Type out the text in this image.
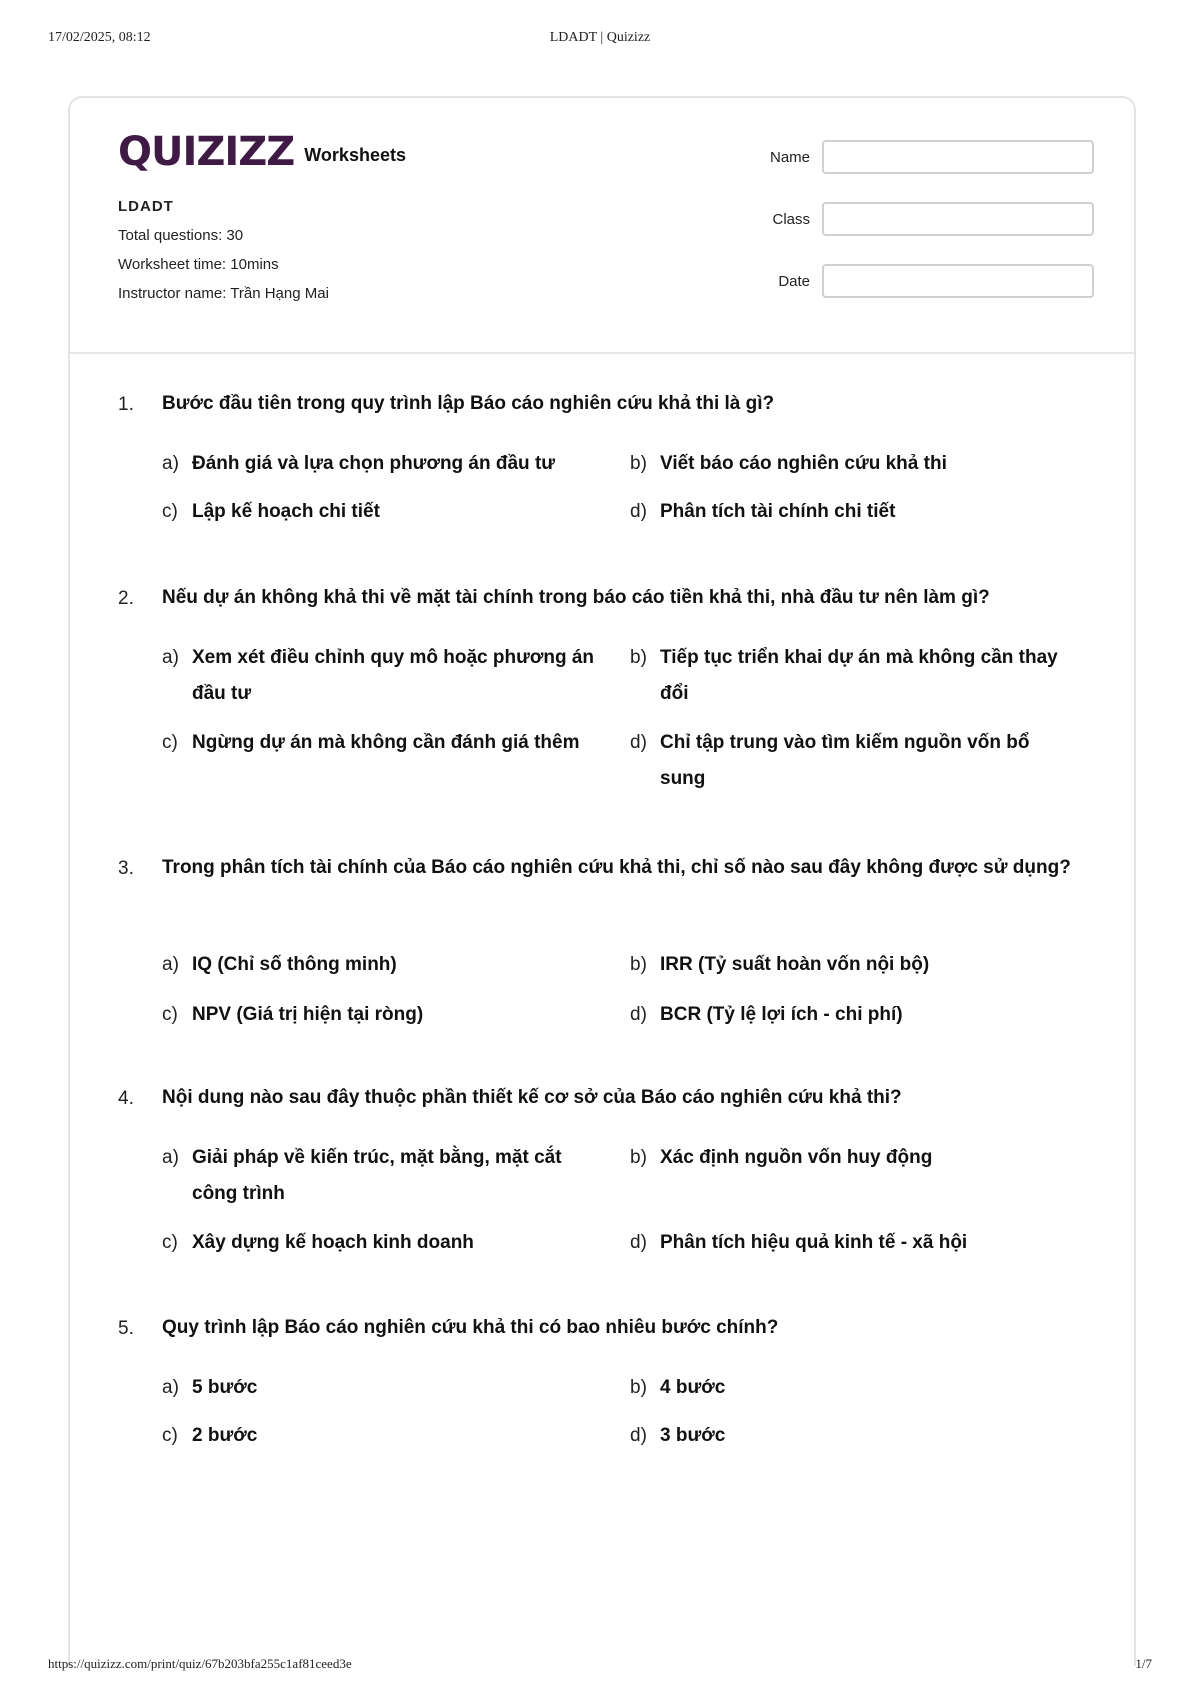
17/02/2025, 08:12	LDADT | Quizizz
QUIZIZZ Worksheets
LDADT
Total questions: 30
Worksheet time: 10mins
Instructor name: Trần Hạng Mai
Name
Class
Date
1. Bước đầu tiên trong quy trình lập Báo cáo nghiên cứu khả thi là gì?
a) Đánh giá và lựa chọn phương án đầu tư	b) Viết báo cáo nghiên cứu khả thi
c) Lập kế hoạch chi tiết	d) Phân tích tài chính chi tiết
2. Nếu dự án không khả thi về mặt tài chính trong báo cáo tiền khả thi, nhà đầu tư nên làm gì?
a) Xem xét điều chỉnh quy mô hoặc phương án đầu tư
b) Tiếp tục triển khai dự án mà không cần thay đổi
c) Ngừng dự án mà không cần đánh giá thêm	d) Chỉ tập trung vào tìm kiếm nguồn vốn bổ sung
3. Trong phân tích tài chính của Báo cáo nghiên cứu khả thi, chỉ số nào sau đây không được sử dụng?
a) IQ (Chỉ số thông minh)	b) IRR (Tỷ suất hoàn vốn nội bộ)
c) NPV (Giá trị hiện tại ròng)	d) BCR (Tỷ lệ lợi ích - chi phí)
4. Nội dung nào sau đây thuộc phần thiết kế cơ sở của Báo cáo nghiên cứu khả thi?
a) Giải pháp về kiến trúc, mặt bằng, mặt cắt công trình
b) Xác định nguồn vốn huy động
c) Xây dựng kế hoạch kinh doanh	d) Phân tích hiệu quả kinh tế - xã hội
5. Quy trình lập Báo cáo nghiên cứu khả thi có bao nhiêu bước chính?
a) 5 bước	b) 4 bước
c) 2 bước	d) 3 bước
https://quizizz.com/print/quiz/67b203bfa255c1af81ceed3e	1/7
